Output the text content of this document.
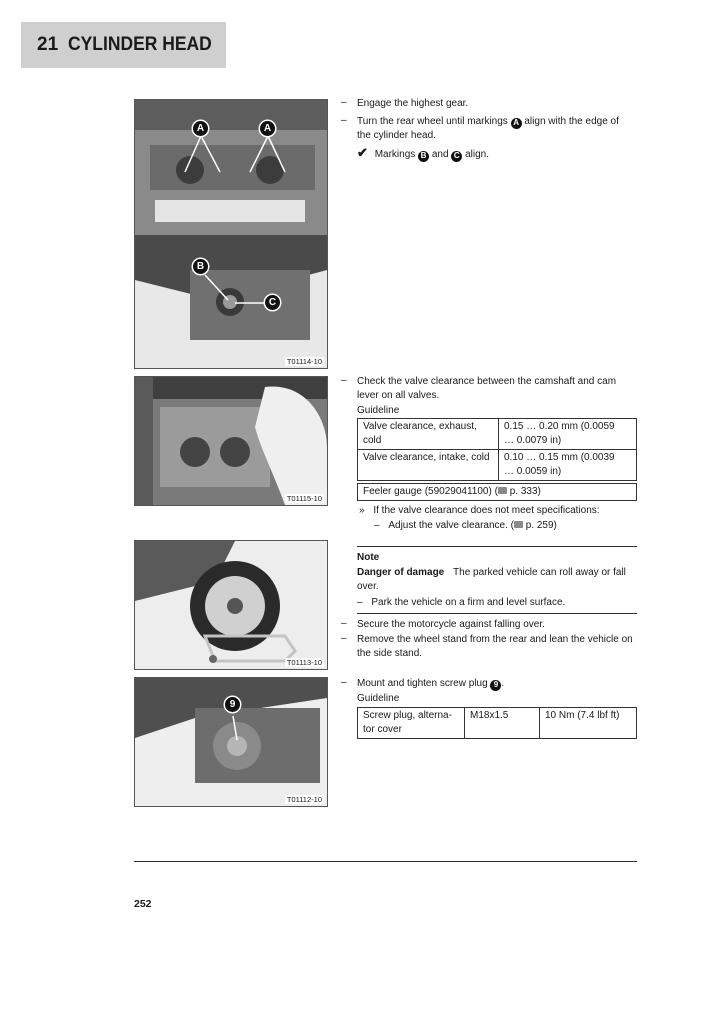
21 CYLINDER HEAD
A	A
B
C
T01114-10
T01115-10
T01113-10
9
T01112-10
– Engage the highest gear.
– Turn the rear wheel until markings A align with the edge of
the cylinder head.
✔ Markings B and C align.
– Check the valve clearance between the camshaft and cam
lever on all valves.
Guideline
Valve clearance, exhaust,
cold	0.15 … 0.20 mm (0.0059
… 0.0079 in)
Valve clearance, intake, cold	0.10 … 0.15 mm (0.0039
… 0.0059 in)
Feeler gauge (59029041100) ( p. 333)
» If the valve clearance does not meet specifications:
– Adjust the valve clearance. ( p. 259)
Note
Danger of damage The parked vehicle can roll away or fall
over.
– Park the vehicle on a firm and level surface.
– Secure the motorcycle against falling over.
– Remove the wheel stand from the rear and lean the vehicle on
the side stand.
– Mount and tighten screw plug 9 .
Guideline
Screw plug, alterna-
tor cover	M18x1.5	10 Nm (7.4 lbf ft)
252
